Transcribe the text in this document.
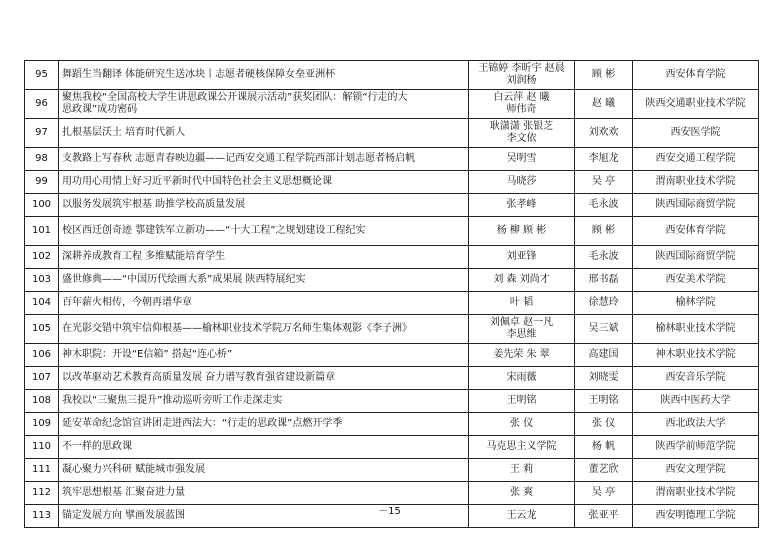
95	舞蹈生当翻译 体能研究生送冰块丨志愿者硬核保障女垒亚洲杯	王锦婷 李昕宇 赵晨
刘润杨	顾 彬	西安体育学院
96	聚焦我校“全国高校大学生讲思政课公开课展示活动”获奖团队：解锁“行走的大
思政课”成功密码	白云萍 赵 曦
师伟奇	赵 曦	陕西交通职业技术学院
97	扎根基层沃土 培育时代新人	耿潇潇 张银芝
李文依	刘欢欢	西安医学院
98	支教路上写春秋 志愿青春映边疆——记西安交通工程学院西部计划志愿者杨启帆	吴明雪	李旭龙	西安交通工程学院
99	用功用心用情上好习近平新时代中国特色社会主义思想概论课	马晓莎	吴 亭	渭南职业技术学院
100	以服务发展筑牢根基 助推学校高质量发展	张孝峰	毛永波	陕西国际商贸学院
101	校区西迁创奇迹 鄠建铁军立新功——“十大工程”之规划建设工程纪实	杨 柳 顾 彬	顾 彬	西安体育学院
102	深耕养成教育工程 多维赋能培育学生	刘亚锋	毛永波	陕西国际商贸学院
103	盛世修典——“中国历代绘画大系”成果展 陕西特展纪实	刘 森 刘尚才	邢书磊	西安美术学院
104	百年薪火相传，今朝再谱华章	叶 韬	徐慧玲	榆林学院
105	在光影交错中筑牢信仰根基——榆林职业技术学院万名师生集体观影《李子洲》	刘佩卓 赵一凡
李思维	吴三斌	榆林职业技术学院
106	神木职院：开设“E信箱” 搭起“连心桥”	姜先荣 朱 翠	高建国	神木职业技术学院
107	以改革驱动艺术教育高质量发展 奋力谱写教育强省建设新篇章	宋雨薇	刘晓雯	西安音乐学院
108	我校以“三聚焦三提升”推动巡听旁听工作走深走实	王明铭	王明铭	陕西中医药大学
109	延安革命纪念馆宣讲团走进西法大：“行走的思政课”点燃开学季	张 仪	张 仪	西北政法大学
110	不一样的思政课	马克思主义学院	杨 帆	陕西学前师范学院
111	凝心聚力兴科研 赋能城市强发展	王 莉	董艺欣	西安文理学院
112	筑牢思想根基 汇聚奋进力量	张 爽	吴 亭	渭南职业技术学院
113	锚定发展方向 擘画发展蓝图	王云龙	张亚平	西安明德理工学院
－15
